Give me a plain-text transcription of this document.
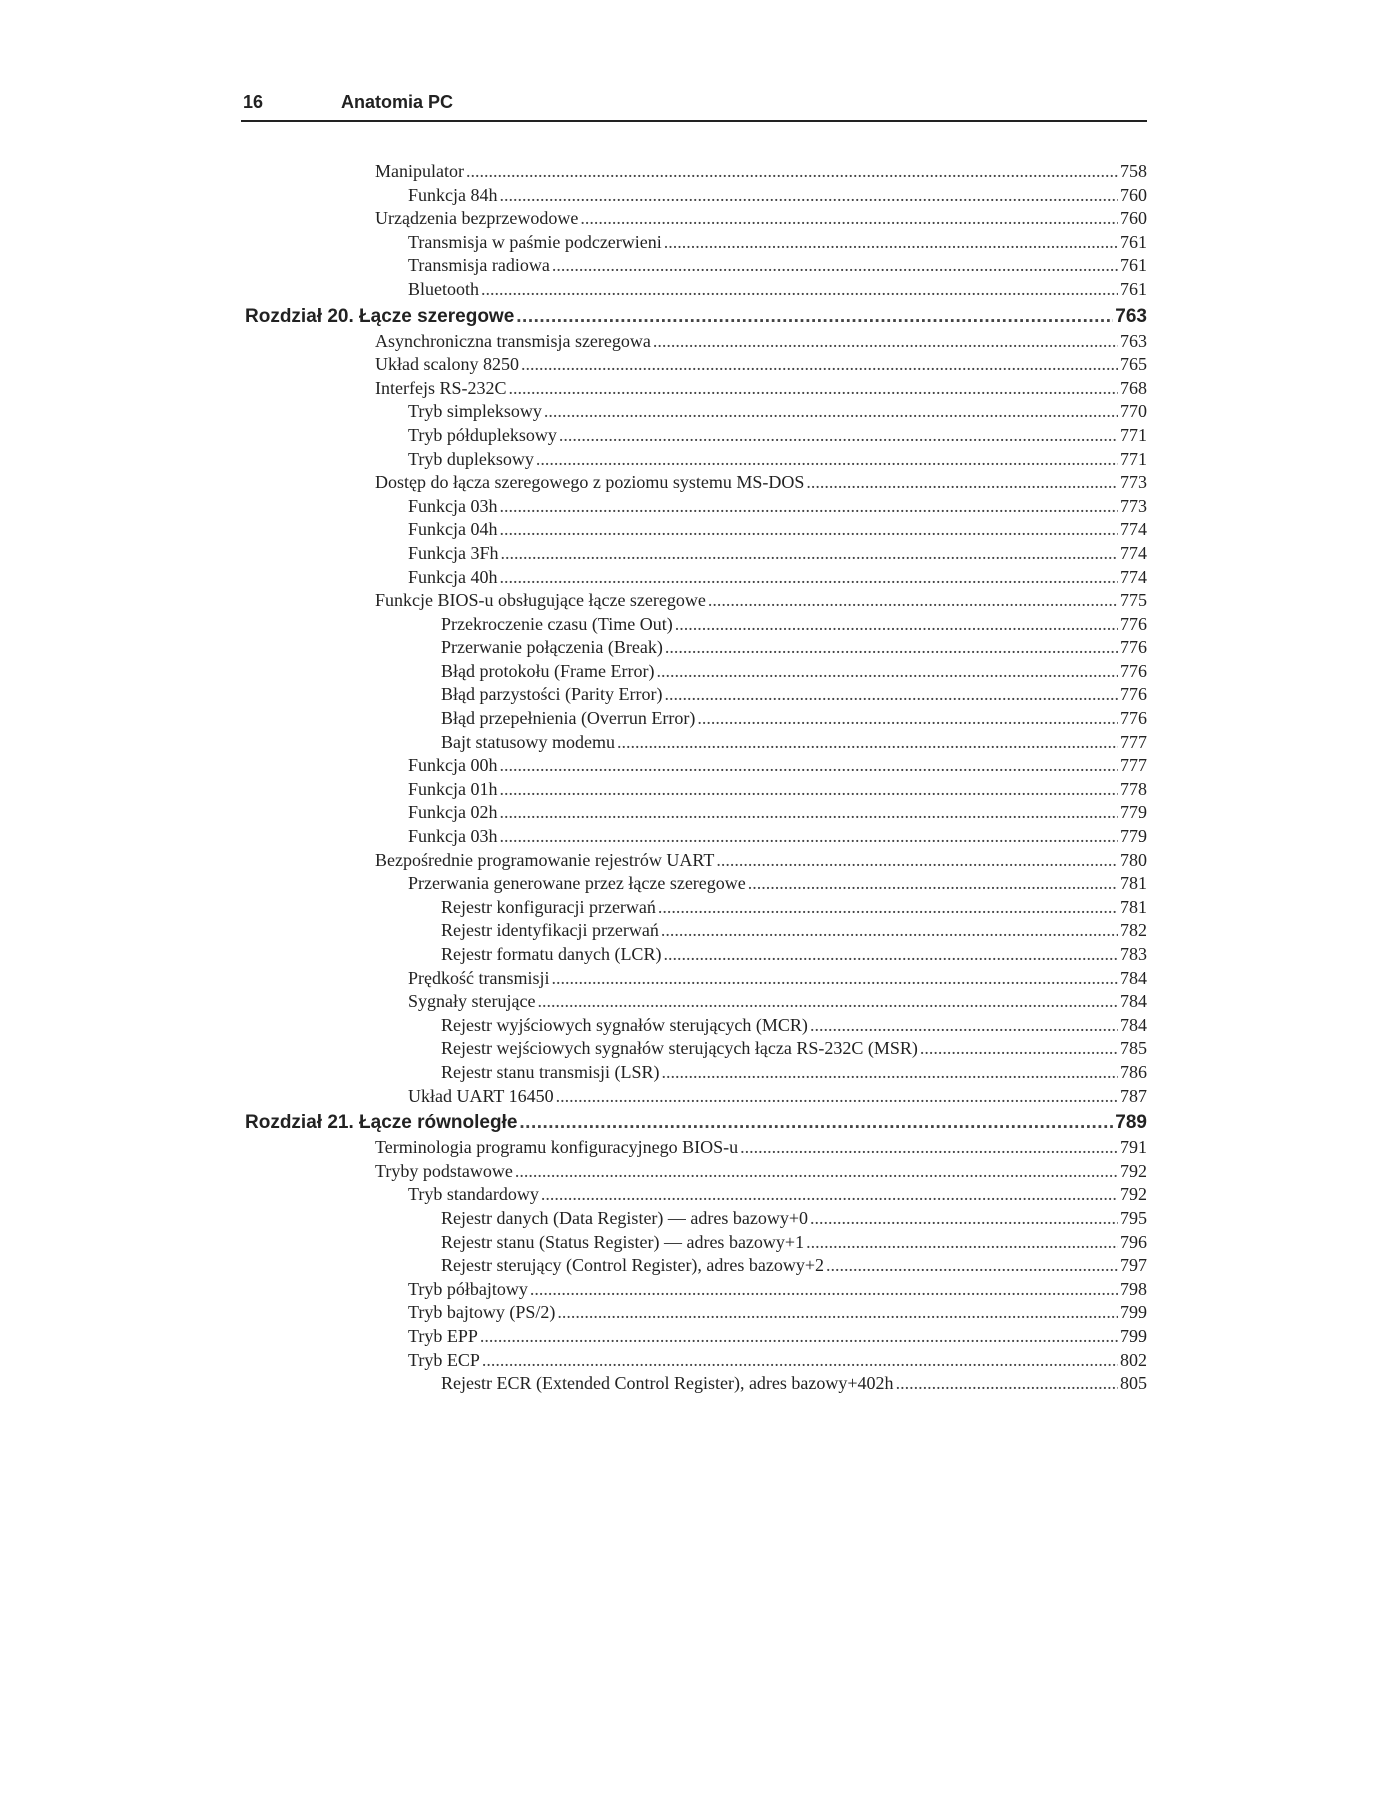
16	Anatomia PC
Manipulator .....	758
Funkcja 84h .....	760
Urządzenia bezprzewodowe .....	760
Transmisja w paśmie podczerwieni .....	761
Transmisja radiowa .....	761
Bluetooth .....	761
Rozdział 20. Łącze szeregowe .....	763
Asynchroniczna transmisja szeregowa .....	763
Układ scalony 8250 .....	765
Interfejs RS-232C .....	768
Tryb simpleksowy .....	770
Tryb półdupleksowy .....	771
Tryb dupleksowy .....	771
Dostęp do łącza szeregowego z poziomu systemu MS-DOS .....	773
Funkcja 03h .....	773
Funkcja 04h .....	774
Funkcja 3Fh .....	774
Funkcja 40h .....	774
Funkcje BIOS-u obsługujące łącze szeregowe .....	775
Przekroczenie czasu (Time Out) .....	776
Przerwanie połączenia (Break) .....	776
Błąd protokołu (Frame Error) .....	776
Błąd parzystości (Parity Error) .....	776
Błąd przepełnienia (Overrun Error) .....	776
Bajt statusowy modemu .....	777
Funkcja 00h .....	777
Funkcja 01h .....	778
Funkcja 02h .....	779
Funkcja 03h .....	779
Bezpośrednie programowanie rejestrów UART .....	780
Przerwania generowane przez łącze szeregowe .....	781
Rejestr konfiguracji przerwań .....	781
Rejestr identyfikacji przerwań .....	782
Rejestr formatu danych (LCR) .....	783
Prędkość transmisji .....	784
Sygnały sterujące .....	784
Rejestr wyjściowych sygnałów sterujących (MCR) .....	784
Rejestr wejściowych sygnałów sterujących łącza RS-232C (MSR) .....	785
Rejestr stanu transmisji (LSR) .....	786
Układ UART 16450 .....	787
Rozdział 21. Łącze równoległe .....	789
Terminologia programu konfiguracyjnego BIOS-u .....	791
Tryby podstawowe .....	792
Tryb standardowy .....	792
Rejestr danych (Data Register) — adres bazowy+0 .....	795
Rejestr stanu (Status Register) — adres bazowy+1 .....	796
Rejestr sterujący (Control Register), adres bazowy+2 .....	797
Tryb półbajtowy .....	798
Tryb bajtowy (PS/2) .....	799
Tryb EPP .....	799
Tryb ECP .....	802
Rejestr ECR (Extended Control Register), adres bazowy+402h .....	805
